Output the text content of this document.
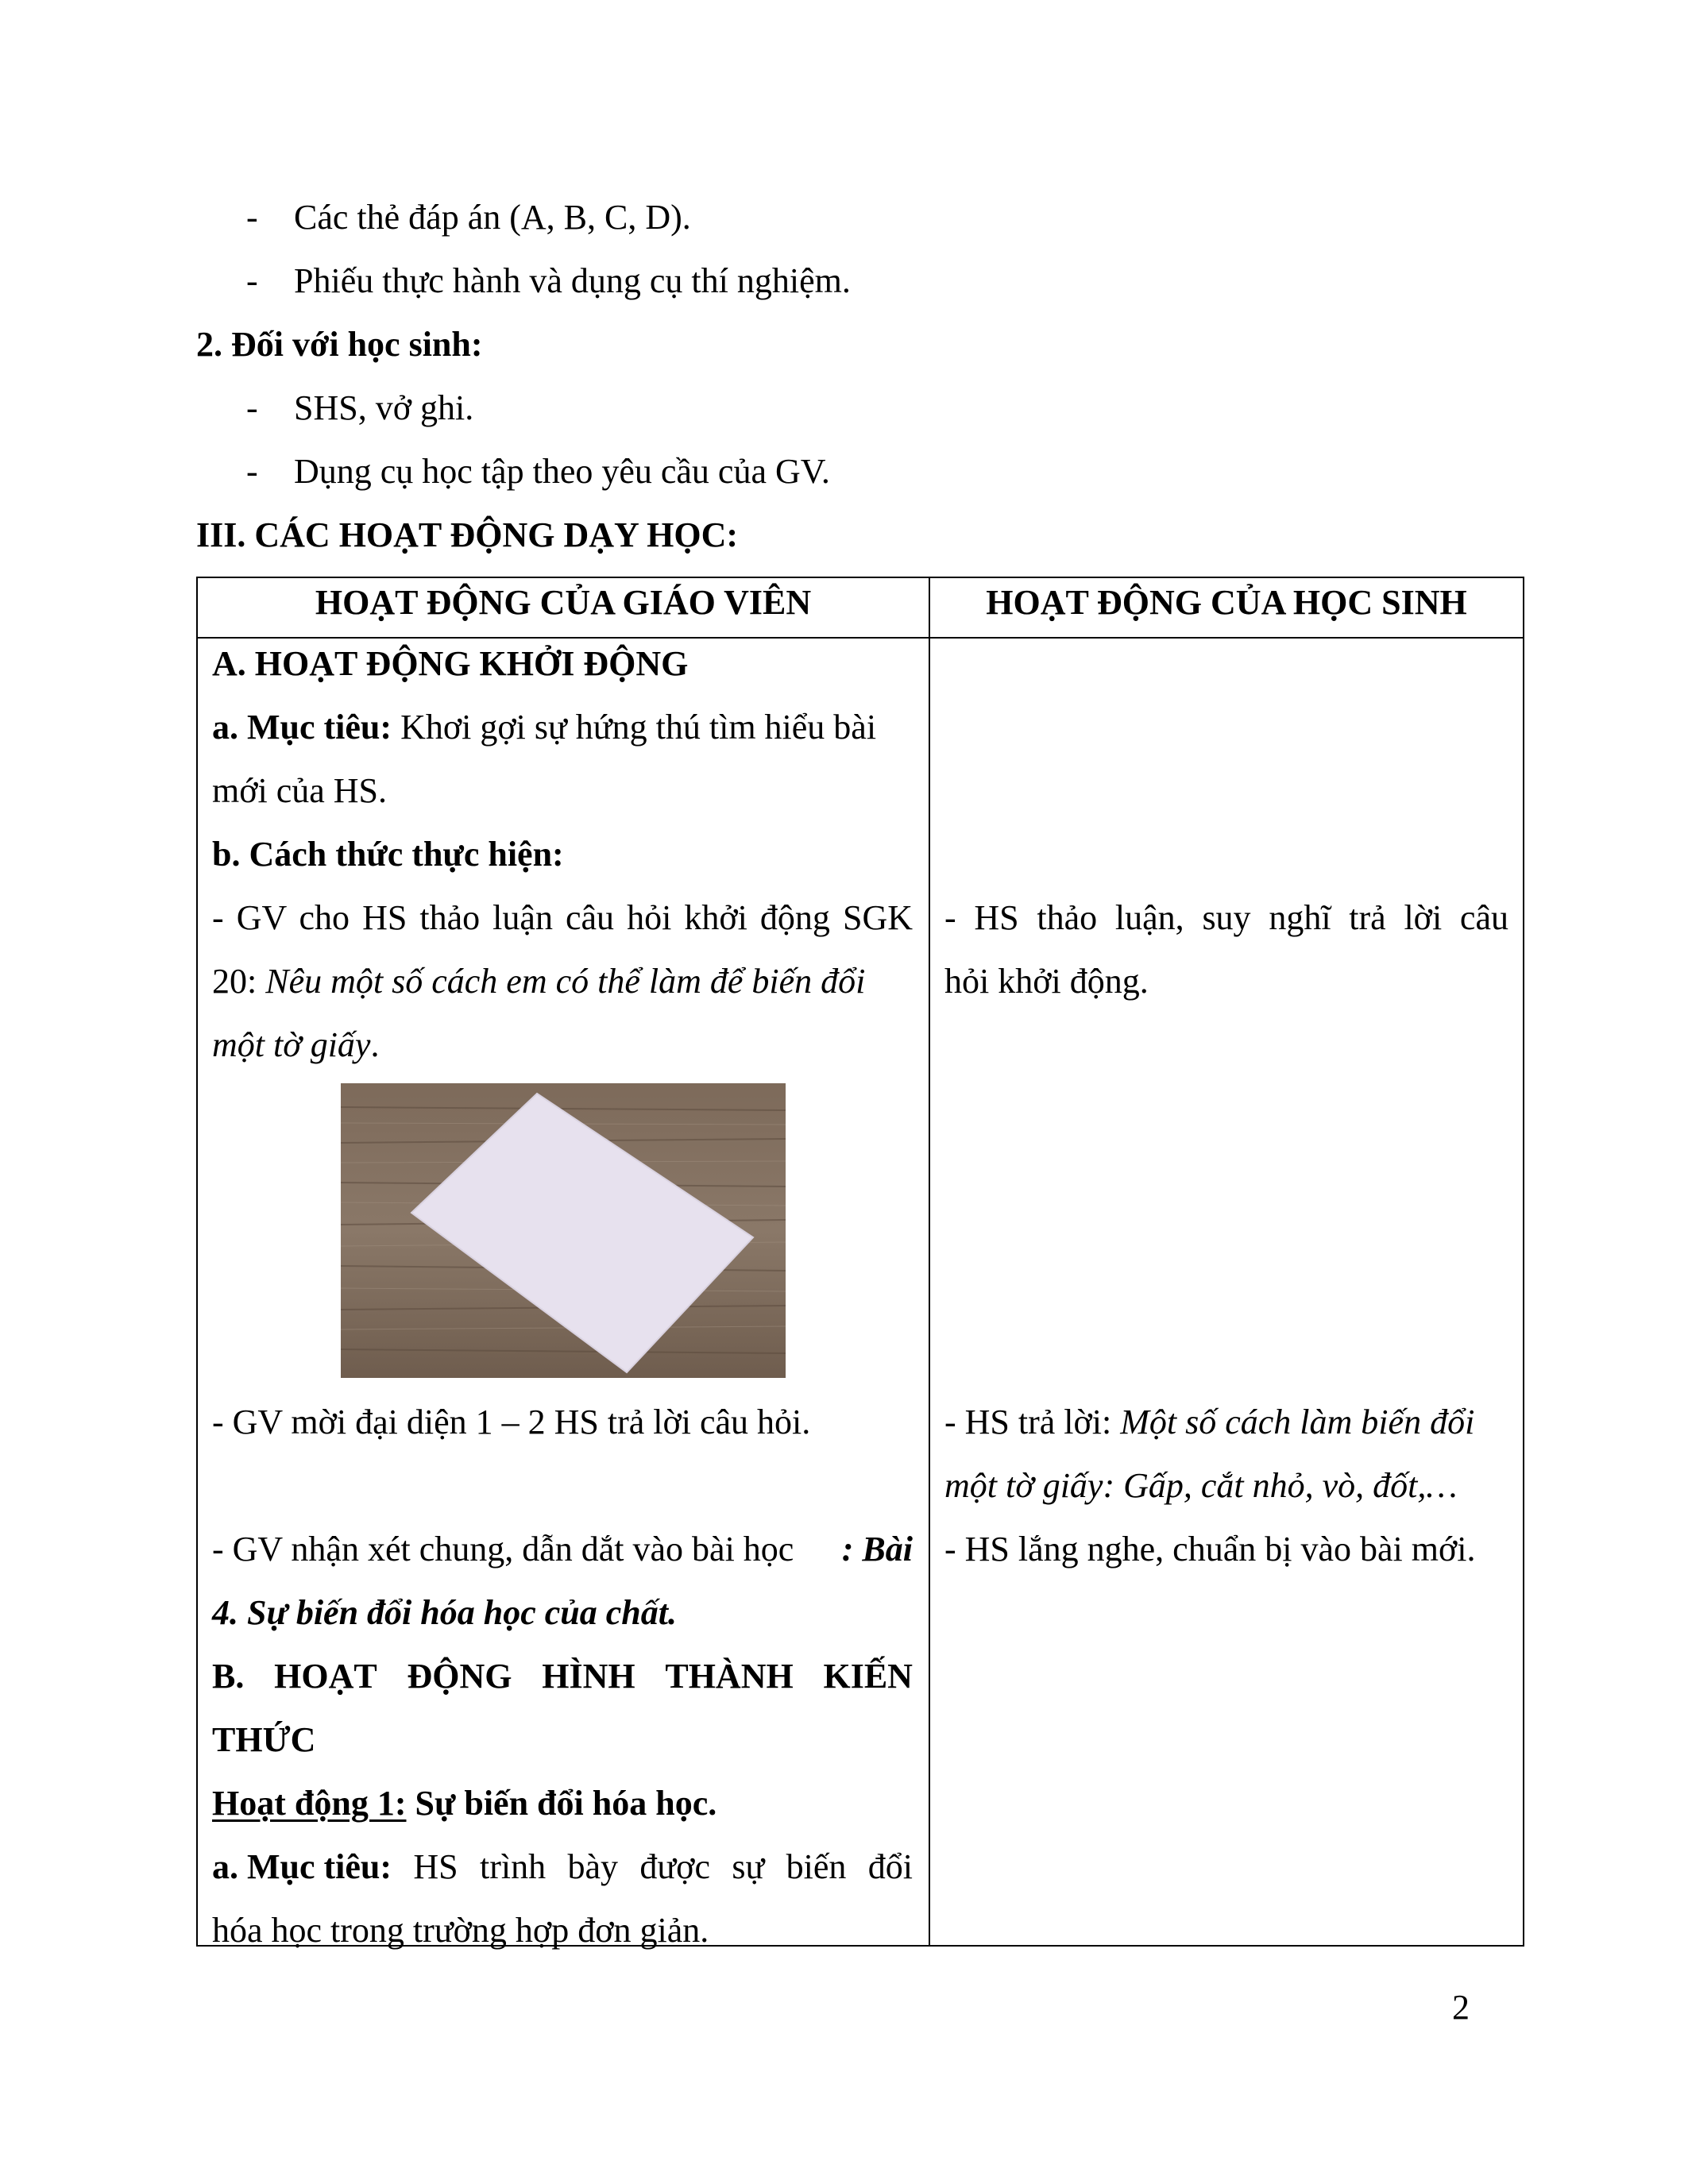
- Các thẻ đáp án (A, B, C, D).
- Phiếu thực hành và dụng cụ thí nghiệm.
2. Đối với học sinh:
- SHS, vở ghi.
- Dụng cụ học tập theo yêu cầu của GV.
III. CÁC HOẠT ĐỘNG DẠY HỌC:
HOẠT ĐỘNG CỦA GIÁO VIÊN	HOẠT ĐỘNG CỦA HỌC SINH
A. HOẠT ĐỘNG KHỞI ĐỘNG
a. Mục tiêu: Khơi gợi sự hứng thú tìm hiểu bài
mới của HS.
b. Cách thức thực hiện:
- GV cho HS thảo luận câu hỏi khởi động SGK
20: Nêu một số cách em có thể làm để biến đổi
một tờ giấy.
- GV mời đại diện 1 – 2 HS trả lời câu hỏi.
- GV nhận xét chung, dẫn dắt vào bài học : Bài
4. Sự biến đổi hóa học của chất.
B. HOẠT ĐỘNG HÌNH THÀNH KIẾN
THỨC
Hoạt động 1: Sự biến đổi hóa học.
a. Mục tiêu: HS trình bày được sự biến đổi
hóa học trong trường hợp đơn giản.
- HS thảo luận, suy nghĩ trả lời câu
hỏi khởi động.
- HS trả lời: Một số cách làm biến đổi
một tờ giấy: Gấp, cắt nhỏ, vò, đốt,…
- HS lắng nghe, chuẩn bị vào bài mới.
2
